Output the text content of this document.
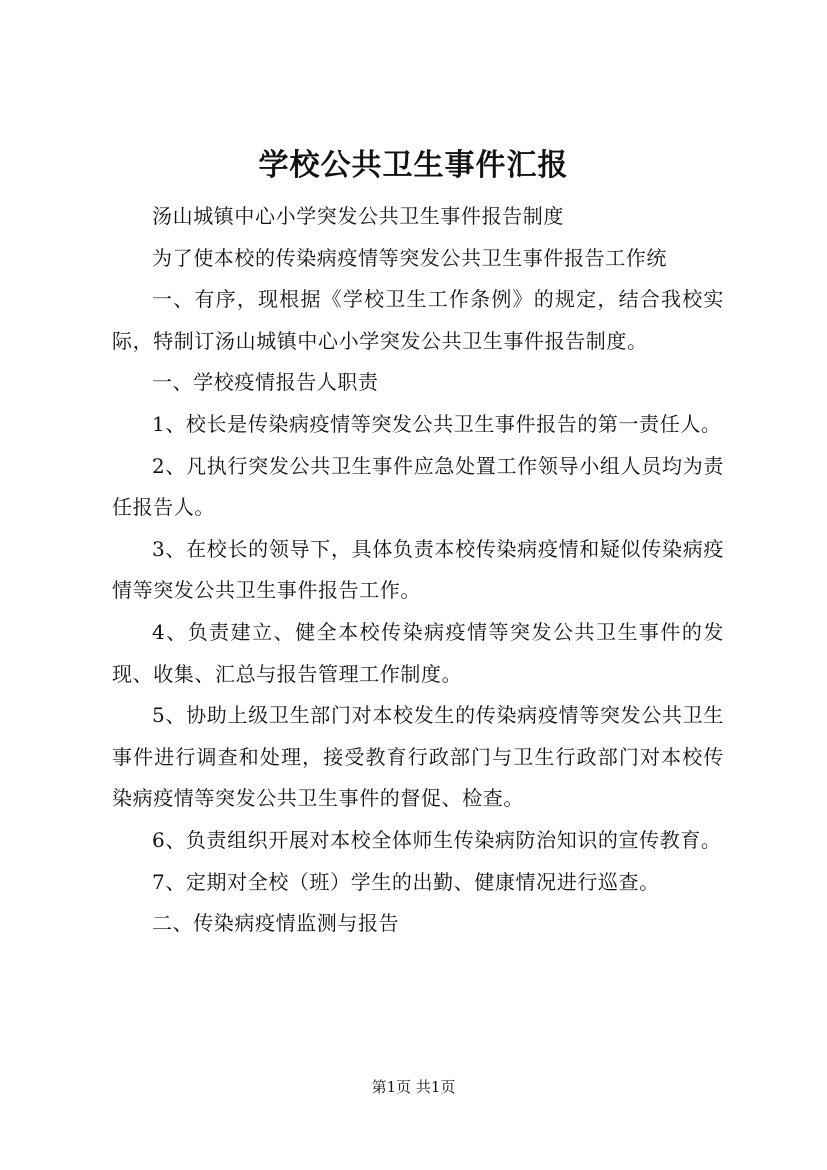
学校公共卫生事件汇报

汤山城镇中心小学突发公共卫生事件报告制度

为了使本校的传染病疫情等突发公共卫生事件报告工作统

一、有序，现根据《学校卫生工作条例》的规定，结合我校实际，特制订汤山城镇中心小学突发公共卫生事件报告制度。

一、学校疫情报告人职责

1、校长是传染病疫情等突发公共卫生事件报告的第一责任人。

2、凡执行突发公共卫生事件应急处置工作领导小组人员均为责任报告人。

3、在校长的领导下，具体负责本校传染病疫情和疑似传染病疫情等突发公共卫生事件报告工作。

4、负责建立、健全本校传染病疫情等突发公共卫生事件的发现、收集、汇总与报告管理工作制度。

5、协助上级卫生部门对本校发生的传染病疫情等突发公共卫生事件进行调查和处理，接受教育行政部门与卫生行政部门对本校传染病疫情等突发公共卫生事件的督促、检查。

6、负责组织开展对本校全体师生传染病防治知识的宣传教育。

7、定期对全校（班）学生的出勤、健康情况进行巡查。

二、传染病疫情监测与报告

第1页 共1页
